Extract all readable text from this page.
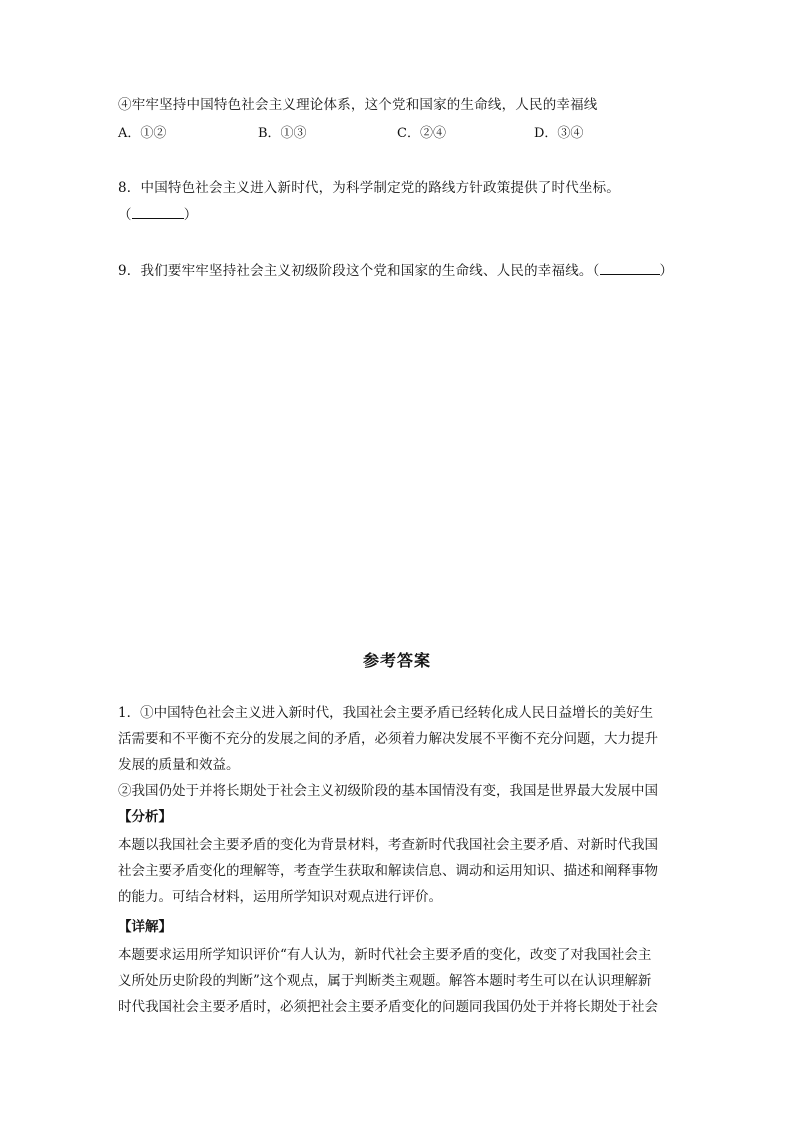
④牢牢坚持中国特色社会主义理论体系，这个党和国家的生命线，人民的幸福线
A．①②	B．①③	C．②④	D．③④
8．中国特色社会主义进入新时代，为科学制定党的路线方针政策提供了时代坐标。
（	）
9．我们要牢牢坚持社会主义初级阶段这个党和国家的生命线、人民的幸福线。（	）
参考答案
1．①中国特色社会主义进入新时代，我国社会主要矛盾已经转化成人民日益增长的美好生
活需要和不平衡不充分的发展之间的矛盾，必须着力解决发展不平衡不充分问题，大力提升
发展的质量和效益。
②我国仍处于并将长期处于社会主义初级阶段的基本国情没有变，我国是世界最大发展中国
【分析】
本题以我国社会主要矛盾的变化为背景材料，考查新时代我国社会主要矛盾、对新时代我国
社会主要矛盾变化的理解等，考查学生获取和解读信息、调动和运用知识、描述和阐释事物
的能力。可结合材料，运用所学知识对观点进行评价。
【详解】
本题要求运用所学知识评价“有人认为，新时代社会主要矛盾的变化，改变了对我国社会主
义所处历史阶段的判断”这个观点，属于判断类主观题。解答本题时考生可以在认识理解新
时代我国社会主要矛盾时，必须把社会主要矛盾变化的问题同我国仍处于并将长期处于社会
